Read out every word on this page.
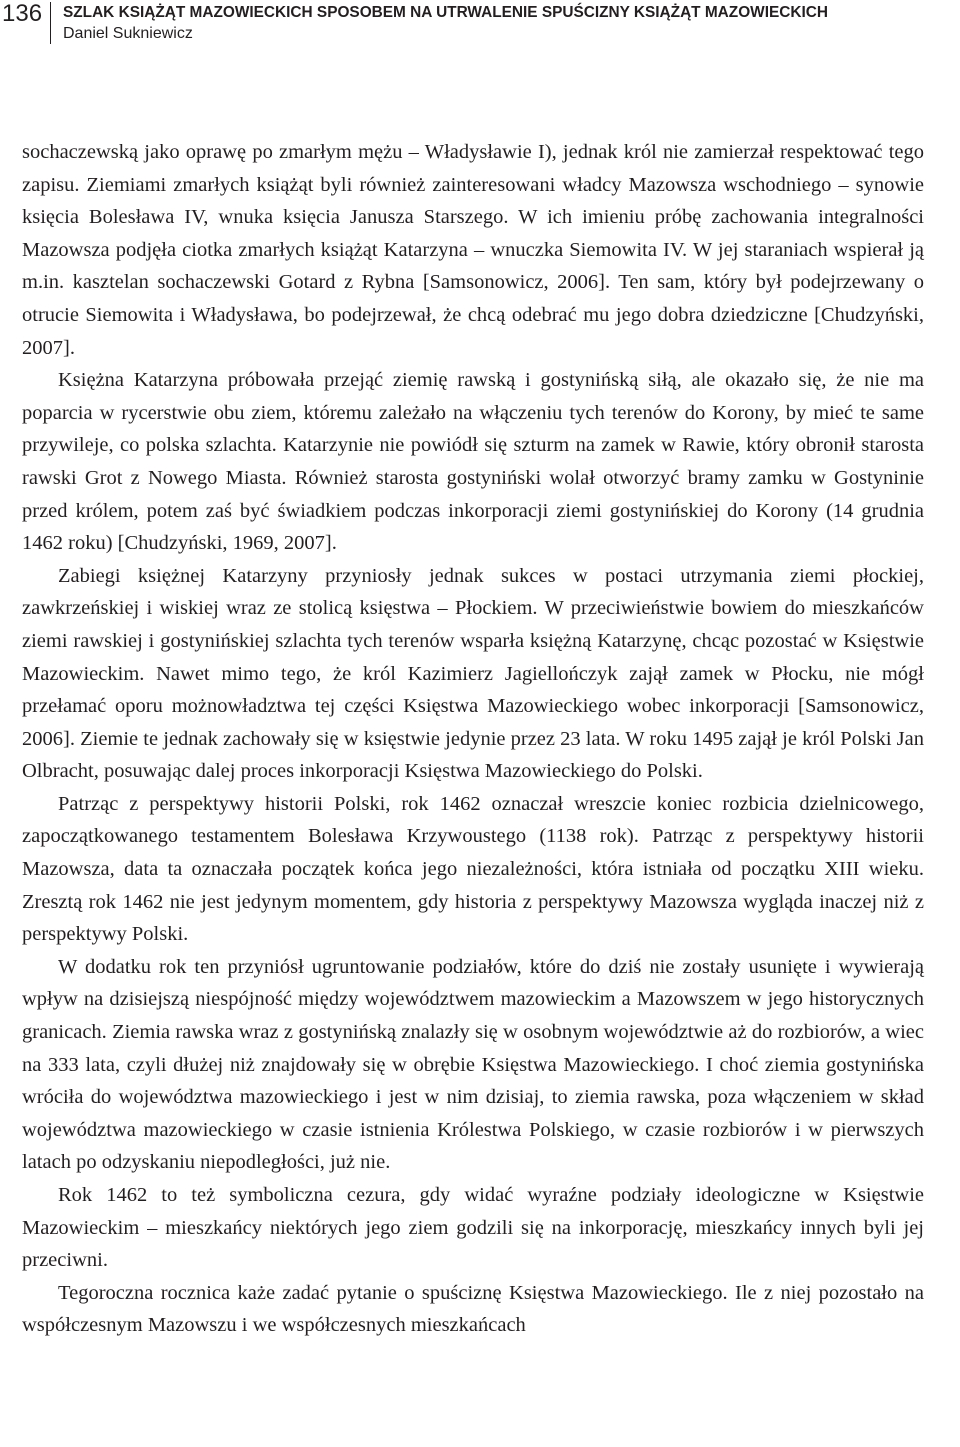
136 SZLAK KSIĄŻĄT MAZOWIECKICH SPOSOBEM NA UTRWALENIE SPUŚCIZNY KSIĄŻĄT MAZOWIECKICH
Daniel Sukniewicz

sochaczewską jako oprawę po zmarłym mężu – Władysławie I), jednak król nie zamierzał respektować tego zapisu. Ziemiami zmarłych książąt byli również zainteresowani władcy Mazowsza wschodniego – synowie księcia Bolesława IV, wnuka księcia Janusza Starszego. W ich imieniu próbę zachowania integralności Mazowsza podjęła ciotka zmarłych książąt Katarzyna – wnuczka Siemowita IV. W jej staraniach wspierał ją m.in. kasztelan sochaczewski Gotard z Rybna [Samsonowicz, 2006]. Ten sam, który był podejrzewany o otrucie Siemowita i Władysława, bo podejrzewał, że chcą odebrać mu jego dobra dziedziczne [Chudzyński, 2007].

Księżna Katarzyna próbowała przejąć ziemię rawską i gostynińską siłą, ale okazało się, że nie ma poparcia w rycerstwie obu ziem, któremu zależało na włączeniu tych terenów do Korony, by mieć te same przywileje, co polska szlachta. Katarzynie nie powiódł się szturm na zamek w Rawie, który obronił starosta rawski Grot z Nowego Miasta. Również starosta gostyniński wolał otworzyć bramy zamku w Gostyninie przed królem, potem zaś być świadkiem podczas inkorporacji ziemi gostynińskiej do Korony (14 grudnia 1462 roku) [Chudzyński, 1969, 2007].

Zabiegi księżnej Katarzyny przyniosły jednak sukces w postaci utrzymania ziemi płockiej, zawkrzeńskiej i wiskiej wraz ze stolicą księstwa – Płockiem. W przeciwieństwie bowiem do mieszkańców ziemi rawskiej i gostynińskiej szlachta tych terenów wsparła księżną Katarzynę, chcąc pozostać w Księstwie Mazowieckim. Nawet mimo tego, że król Kazimierz Jagiellończyk zajął zamek w Płocku, nie mógł przełamać oporu możnowładztwa tej części Księstwa Mazowieckiego wobec inkorporacji [Samsonowicz, 2006]. Ziemie te jednak zachowały się w księstwie jedynie przez 23 lata. W roku 1495 zajął je król Polski Jan Olbracht, posuwając dalej proces inkorporacji Księstwa Mazowieckiego do Polski.

Patrząc z perspektywy historii Polski, rok 1462 oznaczał wreszcie koniec rozbicia dzielnicowego, zapoczątkowanego testamentem Bolesława Krzywoustego (1138 rok). Patrząc z perspektywy historii Mazowsza, data ta oznaczała początek końca jego niezależności, która istniała od początku XIII wieku. Zresztą rok 1462 nie jest jedynym momentem, gdy historia z perspektywy Mazowsza wygląda inaczej niż z perspektywy Polski.

W dodatku rok ten przyniósł ugruntowanie podziałów, które do dziś nie zostały usunięte i wywierają wpływ na dzisiejszą niespójność między województwem mazowieckim a Mazowszem w jego historycznych granicach. Ziemia rawska wraz z gostynińską znalazły się w osobnym województwie aż do rozbiorów, a wiec na 333 lata, czyli dłużej niż znajdowały się w obrębie Księstwa Mazowieckiego. I choć ziemia gostynińska wróciła do województwa mazowieckiego i jest w nim dzisiaj, to ziemia rawska, poza włączeniem w skład województwa mazowieckiego w czasie istnienia Królestwa Polskiego, w czasie rozbiorów i w pierwszych latach po odzyskaniu niepodległości, już nie.

Rok 1462 to też symboliczna cezura, gdy widać wyraźne podziały ideologiczne w Księstwie Mazowieckim – mieszkańcy niektórych jego ziem godzili się na inkorporację, mieszkańcy innych byli jej przeciwni.

Tegoroczna rocznica każe zadać pytanie o spuściznę Księstwa Mazowieckiego. Ile z niej pozostało na współczesnym Mazowszu i we współczesnych mieszkańcach
